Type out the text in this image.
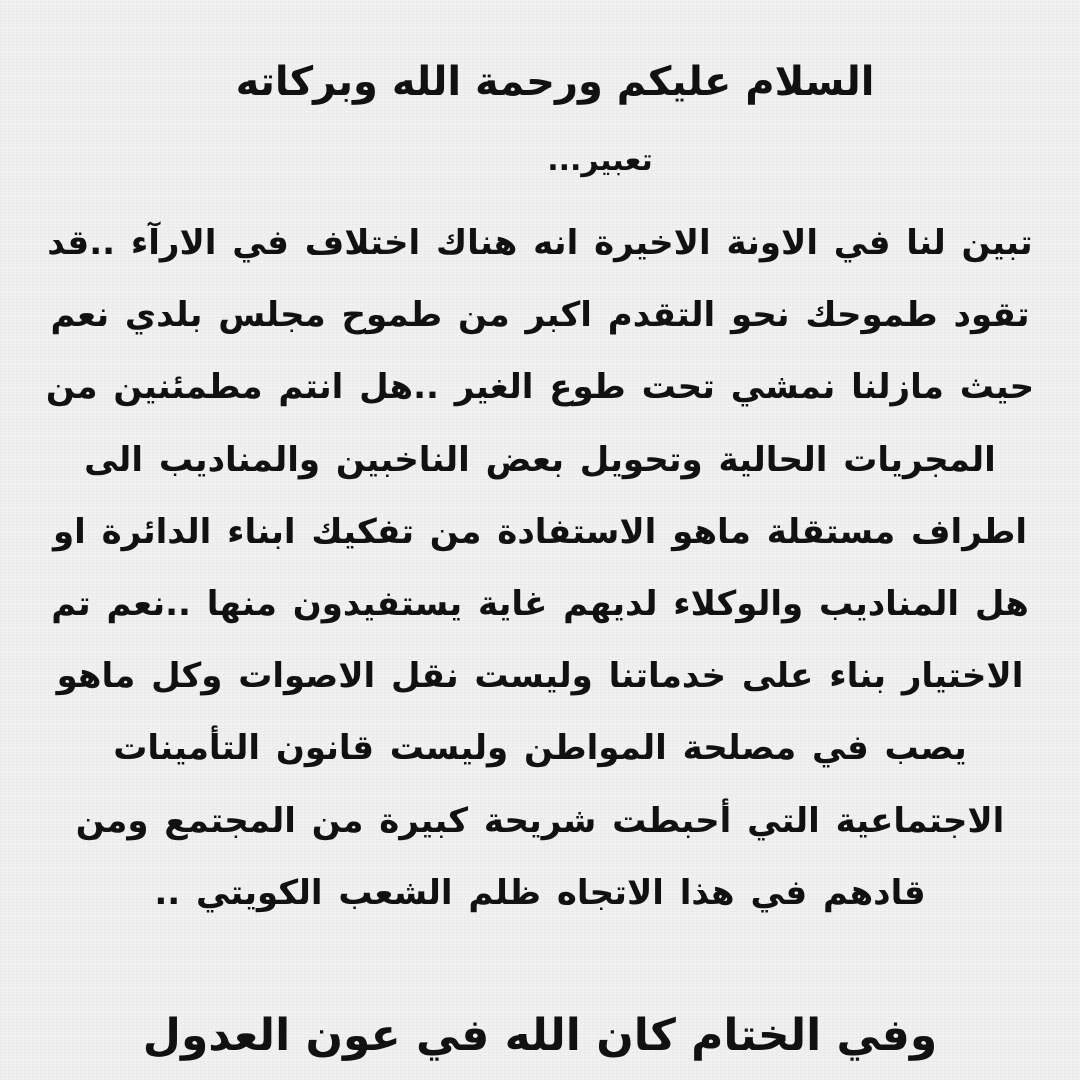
السلام عليكم ورحمة الله وبركاته
تعبير...
تبين لنا في الاونة الاخيرة انه هناك اختلاف في الارآء ..قد
تقود طموحك نحو التقدم اكبر من طموح مجلس بلدي نعم
حيث مازلنا نمشي تحت طوع الغير ..هل انتم مطمئنين من
المجريات الحالية وتحويل بعض الناخبين والمناديب الى
اطراف مستقلة ماهو الاستفادة من تفكيك ابناء الدائرة او
هل المناديب والوكلاء لديهم غاية يستفيدون منها ..نعم تم
الاختيار بناء على خدماتنا وليست نقل الاصوات وكل ماهو
يصب في مصلحة المواطن وليست قانون التأمينات
الاجتماعية التي أحبطت شريحة كبيرة من المجتمع ومن
قادهم في هذا الاتجاه ظلم الشعب الكويتي ..
وفي الختام كان الله في عون العدول
